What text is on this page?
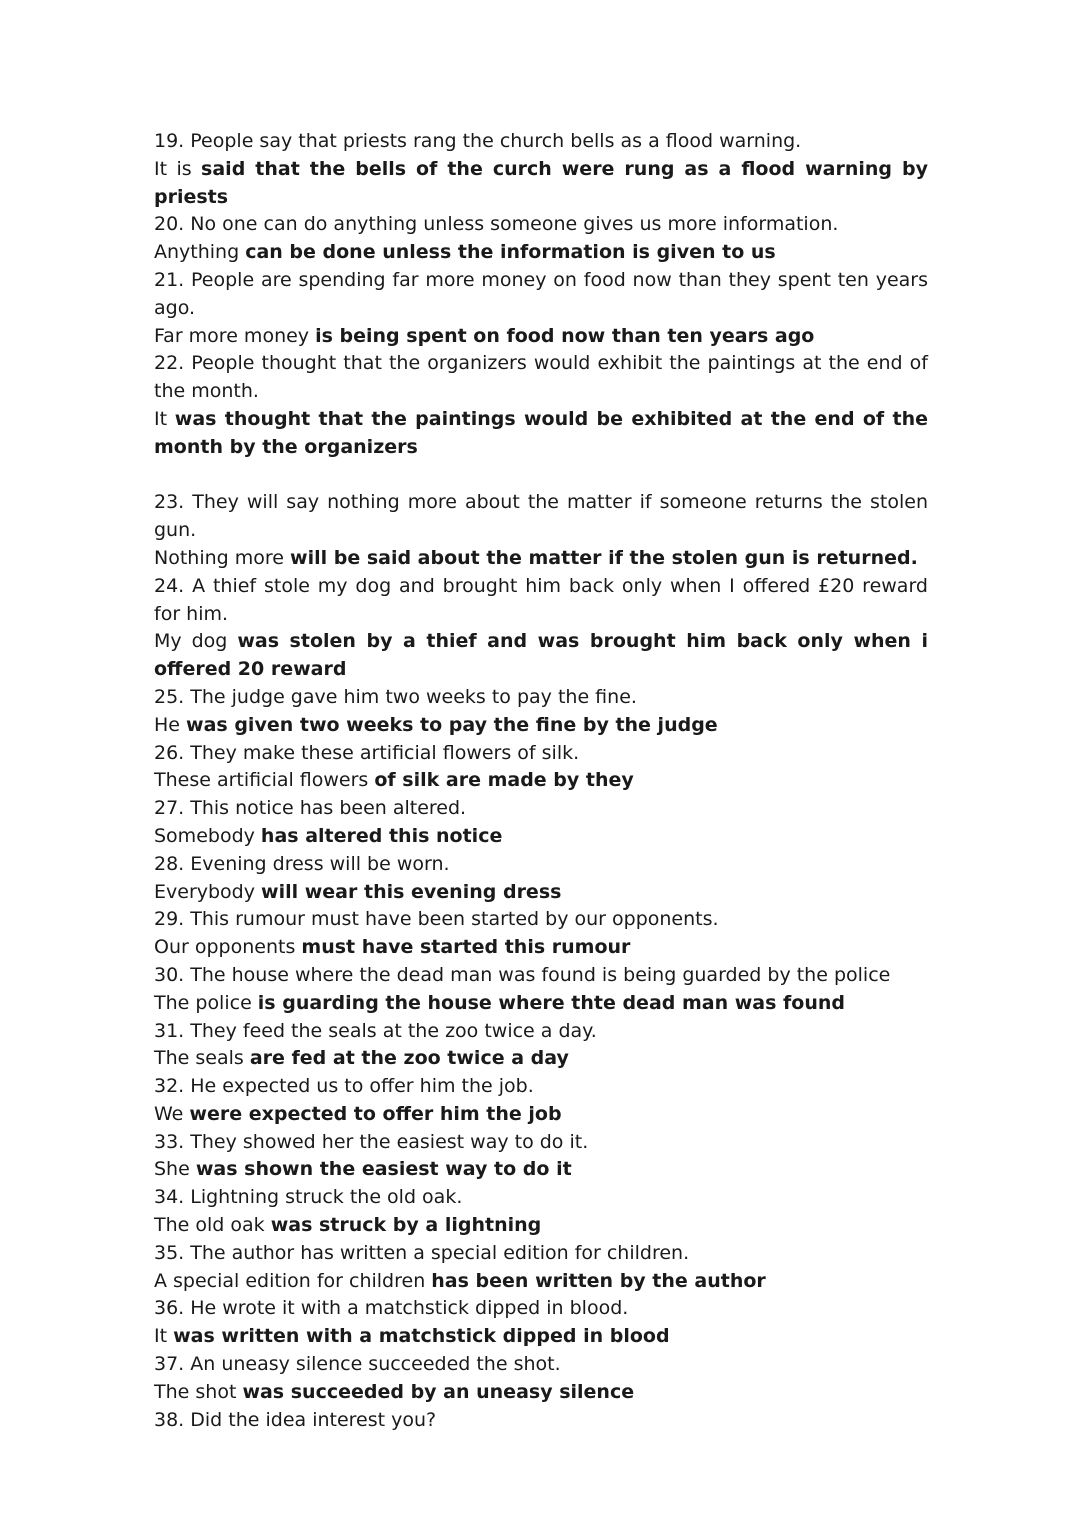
19. People say that priests rang the church bells as a flood warning.

It is said that the bells of the curch were rung as a flood warning by priests

20. No one can do anything unless someone gives us more information.

Anything can be done unless the information is given to us

21. People are spending far more money on food now than they spent ten years ago.

Far more money is being spent on food now than ten years ago

22. People thought that the organizers would exhibit the paintings at the end of the month.

It was thought that the paintings would be exhibited at the end of the month by the organizers

23. They will say nothing more about the matter if someone returns the stolen gun.

Nothing more will be said about the matter if the stolen gun is returned.

24. A thief stole my dog and brought him back only when I offered £20 reward for him.

My dog was stolen by a thief and was brought him back only when i offered 20 reward

25. The judge gave him two weeks to pay the fine.

He was given two weeks to pay the fine by the judge

26. They make these artificial flowers of silk.

These artificial flowers of silk are made by they

27. This notice has been altered.

Somebody has altered this notice

28. Evening dress will be worn.

Everybody will wear this evening dress

29. This rumour must have been started by our opponents.

Our opponents must have started this rumour

30. The house where the dead man was found is being guarded by the police

The police is guarding the house where thte dead man was found

31. They feed the seals at the zoo twice a day.

The seals are fed at the zoo twice a day

32. He expected us to offer him the job.

We were expected to offer him the job

33. They showed her the easiest way to do it.

She was shown the easiest way to do it

34. Lightning struck the old oak.

The old oak was struck by a lightning

35. The author has written a special edition for children.

A special edition for children has been written by the author

36. He wrote it with a matchstick dipped in blood.

It was written with a matchstick dipped in blood

37. An uneasy silence succeeded the shot.

The shot was succeeded by an uneasy silence

38. Did the idea interest you?
